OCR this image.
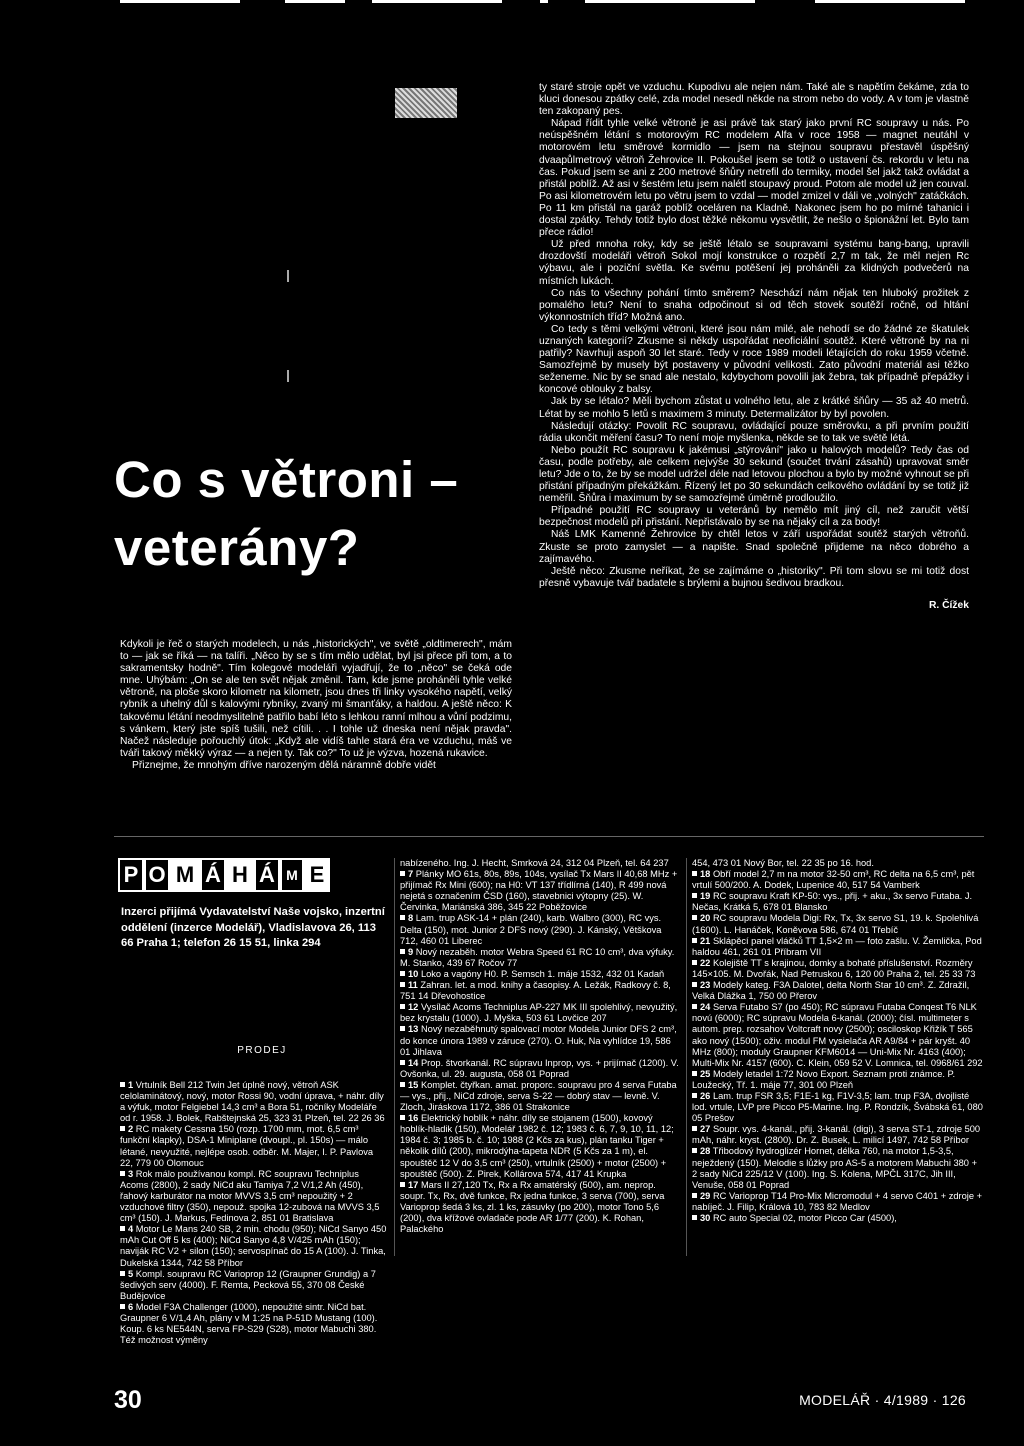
Co s větroni – veterány?

Kdykoli je řeč o starých modelech, u nás „historických", ve světě „oldtimerech", mám to — jak se říká — na talíři. „Něco by se s tím mělo udělat, byl jsi přece při tom, a to sakramentsky hodně". Tím kolegové modeláři vyjadřují, že to „něco" se čeká ode mne. Uhýbám: „On se ale ten svět nějak změnil. Tam, kde jsme proháněli tyhle velké větroně, na ploše skoro kilometr na kilometr, jsou dnes tři linky vysokého napětí, velký rybník a uhelný důl s kalovými rybníky, zvaný mi šmanťáky, a haldou. A ještě něco: K takovému létání neodmyslitelně patřilo babí léto s lehkou ranní mlhou a vůní podzimu, s vánkem, který jste spíš tušili, než cítili. . . I tohle už dneska není nějak pravda". Načež následuje pořouchlý útok: „Když ale vidíš tahle stará éra ve vzduchu, máš ve tváři takový měkký výraz — a nejen ty. Tak co?" To už je výzva, hozená rukavice.

Přiznejme, že mnohým dříve narozeným dělá náramně dobře vidět

ty staré stroje opět ve vzduchu. Kupodivu ale nejen nám. Také ale s napětím čekáme, zda to kluci donesou zpátky celé, zda model nesedl někde na strom nebo do vody. A v tom je vlastně ten zakopaný pes.

Nápad řídit tyhle velké větroně je asi právě tak starý jako první RC soupravy u nás. Po neúspěšném létání s motorovým RC modelem Alfa v roce 1958 — magnet neutáhl v motorovém letu směrové kormidlo — jsem na stejnou soupravu přestavěl úspěšný dvaapůlmetrový větroň Žehrovice II. Pokoušel jsem se totiž o ustavení čs. rekordu v letu na čas. Pokud jsem se ani z 200 metrové šňůry netrefil do termiky, model šel jakž takž ovládat a přistál poblíž. Až asi v šestém letu jsem nalétl stoupavý proud. Potom ale model už jen couval. Po asi kilometrovém letu po větru jsem to vzdal — model zmizel v dáli ve „volných" zatáčkách. Po 11 km přistál na garáž poblíž oceláren na Kladně. Nakonec jsem ho po mírné tahanici i dostal zpátky. Tehdy totiž bylo dost těžké někomu vysvětlit, že nešlo o špionážní let. Bylo tam přece rádio!

Už před mnoha roky, kdy se ještě létalo se soupravami systému bang-bang, upravili drozdovští modeláři větroň Sokol mojí konstrukce o rozpětí 2,7 m tak, že měl nejen Rc výbavu, ale i poziční světla. Ke svému potěšení jej proháněli za klidných podvečerů na místních lukách.

Co nás to všechny pohání tímto směrem? Neschází nám nějak ten hluboký prožitek z pomalého letu? Není to snaha odpočinout si od těch stovek soutěží ročně, od hltání výkonnostních tříd? Možná ano.

Co tedy s těmi velkými větroni, které jsou nám milé, ale nehodí se do žádné ze škatulek uznaných kategorií? Zkusme si někdy uspořádat neoficiální soutěž. Které větroně by na ni patřily? Navrhuji aspoň 30 let staré. Tedy v roce 1989 modeli létajících do roku 1959 včetně. Samozřejmě by musely být postaveny v původní velikosti. Zato původní materiál asi těžko seženeme. Nic by se snad ale nestalo, kdybychom povolili jak žebra, tak případně přepážky i koncové oblouky z balsy.

Jak by se létalo? Měli bychom zůstat u volného letu, ale z krátké šňůry — 35 až 40 metrů. Létat by se mohlo 5 letů s maximem 3 minuty. Determalizátor by byl povolen.

Následují otázky: Povolit RC soupravu, ovládající pouze směrovku, a při prvním použití rádia ukončit měření času? To není moje myšlenka, někde se to tak ve světě létá.

Nebo použít RC soupravu k jakémusi „stýrování" jako u halových modelů? Tedy čas od času, podle potřeby, ale celkem nejvýše 30 sekund (součet trvání zásahů) upravovat směr letu? Jde o to, že by se model udržel déle nad letovou plochou a bylo by možné vyhnout se při přistání případným překážkám. Řízený let po 30 sekundách celkového ovládání by se totiž již neměřil. Šňůra i maximum by se samozřejmě úměrně prodloužilo.

Případné použití RC soupravy u veteránů by nemělo mít jiný cíl, než zaručit větší bezpečnost modelů při přistání. Nepřistávalo by se na nějaký cíl a za body!

Náš LMK Kamenné Žehrovice by chtěl letos v září uspořádat soutěž starých větroňů. Zkuste se proto zamyslet — a napište. Snad společně přijdeme na něco dobrého a zajímavého.

Ještě něco: Zkusme neříkat, že se zajímáme o „historiky". Při tom slovu se mi totiž dost přesně vybavuje tvář badatele s brýlemi a bujnou šedivou bradkou.

R. Čížek
P O M Á H Á M E
Inzerci přijímá Vydavatelství Naše vojsko, inzertní oddělení (inzerce Modelář), Vladislavova 26, 113 66 Praha 1; telefon 26 15 51, linka 294
PRODEJ

1 Vrtulník Bell 212 Twin Jet úplně nový, větroň ASK celolaminátový, nový, motor Rossi 90, vodní úprava, + náhr. díly a výfuk, motor Felgiebel 14,3 cm³ a Bora 51, ročníky Modeláře od r. 1958. J. Bolek, Rabštejnská 25, 323 31 Plzeň, tel. 22 26 36

2 RC makety Cessna 150 (rozp. 1700 mm, mot. 6,5 cm³ funkční klapky), DSA-1 Miniplane (dvoupl., pl. 150s) — málo létané, nevyužité, nejlépe osob. odběr. M. Majer, I. P. Pavlova 22, 779 00 Olomouc

3 Rok málo používanou kompl. RC soupravu Techniplus Acoms (2800), 2 sady NiCd aku Tamiya 7,2 V/1,2 Ah (450), řahový karburátor na motor MVVS 3,5 cm³ nepoužitý + 2 vzduchové filtry (350), nepouž. spojka 12-zubová na MVVS 3,5 cm³ (150). J. Markus, Fedinova 2, 851 01 Bratislava

4 Motor Le Mans 240 SB, 2 min. chodu (950); NiCd Sanyo 450 mAh Cut Off 5 ks (400); NiCd Sanyo 4,8 V/425 mAh (150); naviják RC V2 + silon (150); servospínač do 15 A (100). J. Tinka, Dukelská 1344, 742 58 Příbor

5 Kompl. soupravu RC Varioprop 12 (Graupner Grundig) a 7 šedivých serv (4000). F. Remta, Pecková 55, 370 08 České Budějovice

6 Model F3A Challenger (1000), nepoužité sintr. NiCd bat. Graupner 6 V/1,4 Ah, plány v M 1:25 na P-51D Mustang (100). Koup. 6 ks NE544N, serva FP-S29 (S28), motor Mabuchi 380. Též možnost výměny

nabízeného. Ing. J. Hecht, Smrková 24, 312 04 Plzeň, tel. 64 237

7 Plánky MO 61s, 80s, 89s, 104s, vysílač Tx Mars II 40,68 MHz + přijímač Rx Mini (600); na H0: VT 137 třídlírná (140), R 499 nová nejetá s označením ČSD (160), stavebnici výtopny (25). W. Červinka, Mariánská 386, 345 22 Poběžovice

8 Lam. trup ASK-14 + plán (240), karb. Walbro (300), RC vys. Delta (150), mot. Junior 2 DFS nový (290). J. Kánský, Větškova 712, 460 01 Liberec

9 Nový nezaběh. motor Webra Speed 61 RC 10 cm³, dva výfuky. M. Stanko, 439 67 Ročov 77

10 Loko a vagóny H0. P. Semsch 1. máje 1532, 432 01 Kadaň

11 Zahran. let. a mod. knihy a časopisy. A. Ležák, Radkovy č. 8, 751 14 Dřevohostice

12 Vysílač Acoms Techniplus AP-227 MK III spolehlivý, nevyužitý, bez krystalu (1000). J. Myška, 503 61 Lovčice 207

13 Nový nezaběhnutý spalovací motor Modela Junior DFS 2 cm³, do konce února 1989 v záruce (270). O. Huk, Na vyhlídce 19, 586 01 Jihlava

14 Prop. štvorkanál. RC súpravu Inprop, vys. + prijímač (1200). V. Ovšonka, ul. 29. augusta, 058 01 Poprad

15 Komplet. čtyřkan. amat. proporc. soupravu pro 4 serva Futaba — vys., přij., NiCd zdroje, serva S-22 — dobrý stav — levně. V. Zloch, Jiráskova 1172, 386 01 Strakonice

16 Elektrický hoblík + náhr. díly se stojanem (1500), kovový hoblík-hladik (150), Modelář 1982 č. 12; 1983 č. 6, 7, 9, 10, 11, 12; 1984 č. 3; 1985 b. č. 10; 1988 (2 Kčs za kus), plán tanku Tiger + několik dílů (200), mikrodýha-tapeta NDR (5 Kčs za 1 m), el. spouštěč 12 V do 3,5 cm³ (250), vrtulník (2500) + motor (2500) + spouštěč (500). Z. Pirek, Kollárova 574, 417 41 Krupka

17 Mars II 27,120 Tx, Rx a Rx amatérský (500), am. neprop. soupr. Tx, Rx, dvě funkce, Rx jedna funkce, 3 serva (700), serva Varioprop šedá 3 ks, zl. 1 ks, zásuvky (po 200), motor Tono 5,6 (200), dva křížové ovladače pode AR 1/77 (200). K. Rohan, Palackého

454, 473 01 Nový Bor, tel. 22 35 po 16. hod.

18 Obří model 2,7 m na motor 32-50 cm³, RC delta na 6,5 cm³, pět vrtulí 500/200. A. Dodek, Lupenice 40, 517 54 Vamberk

19 RC soupravu Kraft KP-50: vys., přij. + aku., 3x servo Futaba. J. Nečas, Krátká 5, 678 01 Blansko

20 RC soupravu Modela Digi: Rx, Tx, 3x servo S1, 19. k. Spolehlivá (1600). L. Hanáček, Koněvova 586, 674 01 Třebíč

21 Sklápěcí panel vláčků TT 1,5×2 m — foto zašlu. V. Žemlička, Pod haldou 461, 261 01 Příbram VII

22 Kolejiště TT s krajinou, domky a bohaté příslušenství. Rozměry 145×105. M. Dvořák, Nad Petruskou 6, 120 00 Praha 2, tel. 25 33 73

23 Modely kateg. F3A Dalotel, delta North Star 10 cm³. Z. Zdražil, Velká Dlážka 1, 750 00 Přerov

24 Serva Futabo S7 (po 450); RC súpravu Futaba Conqest T6 NLK novú (6000); RC súpravu Modela 6-kanál. (2000); čísl. multimeter s autom. prep. rozsahov Voltcraft novy (2500); osciloskop Křižík T 565 ako nový (1500); oživ. modul FM vysielača AR A9/84 + pár kryšt. 40 MHz (800); moduly Graupner KFM6014 — Uni-Mix Nr. 4163 (400); Multi-Mix Nr. 4157 (600). C. Klein, 059 52 V. Lomnica, tel. 0968/61 292

25 Modely letadel 1:72 Novo Export. Seznam proti známce. P. Loužecký, Tř. 1. máje 77, 301 00 Plzeň

26 Lam. trup FSR 3,5; F1E-1 kg, F1V-3,5; lam. trup F3A, dvojlisté lod. vrtule, LVP pre Picco P5-Marine. Ing. P. Rondzík, Švábská 61, 080 05 Prešov

27 Soupr. vys. 4-kanál., přij. 3-kanál. (digi), 3 serva ST-1, zdroje 500 mAh, náhr. kryst. (2800). Dr. Z. Busek, L. milicí 1497, 742 58 Příbor

28 Třibodový hydroglizér Hornet, délka 760, na motor 1,5-3,5, neježdený (150). Melodie s lůžky pro AS-5 a motorem Mabuchi 380 + 2 sady NiCd 225/12 V (100). Ing. S. Kolena, MPČL 317C, Jih III, Venuše, 058 01 Poprad

29 RC Varioprop T14 Pro-Mix Micromodul + 4 servo C401 + zdroje + nabíječ. J. Filip, Králová 10, 783 82 Medlov

30 RC auto Special 02, motor Picco Car (4500),

30	MODELÁŘ · 4/1989 · 126
